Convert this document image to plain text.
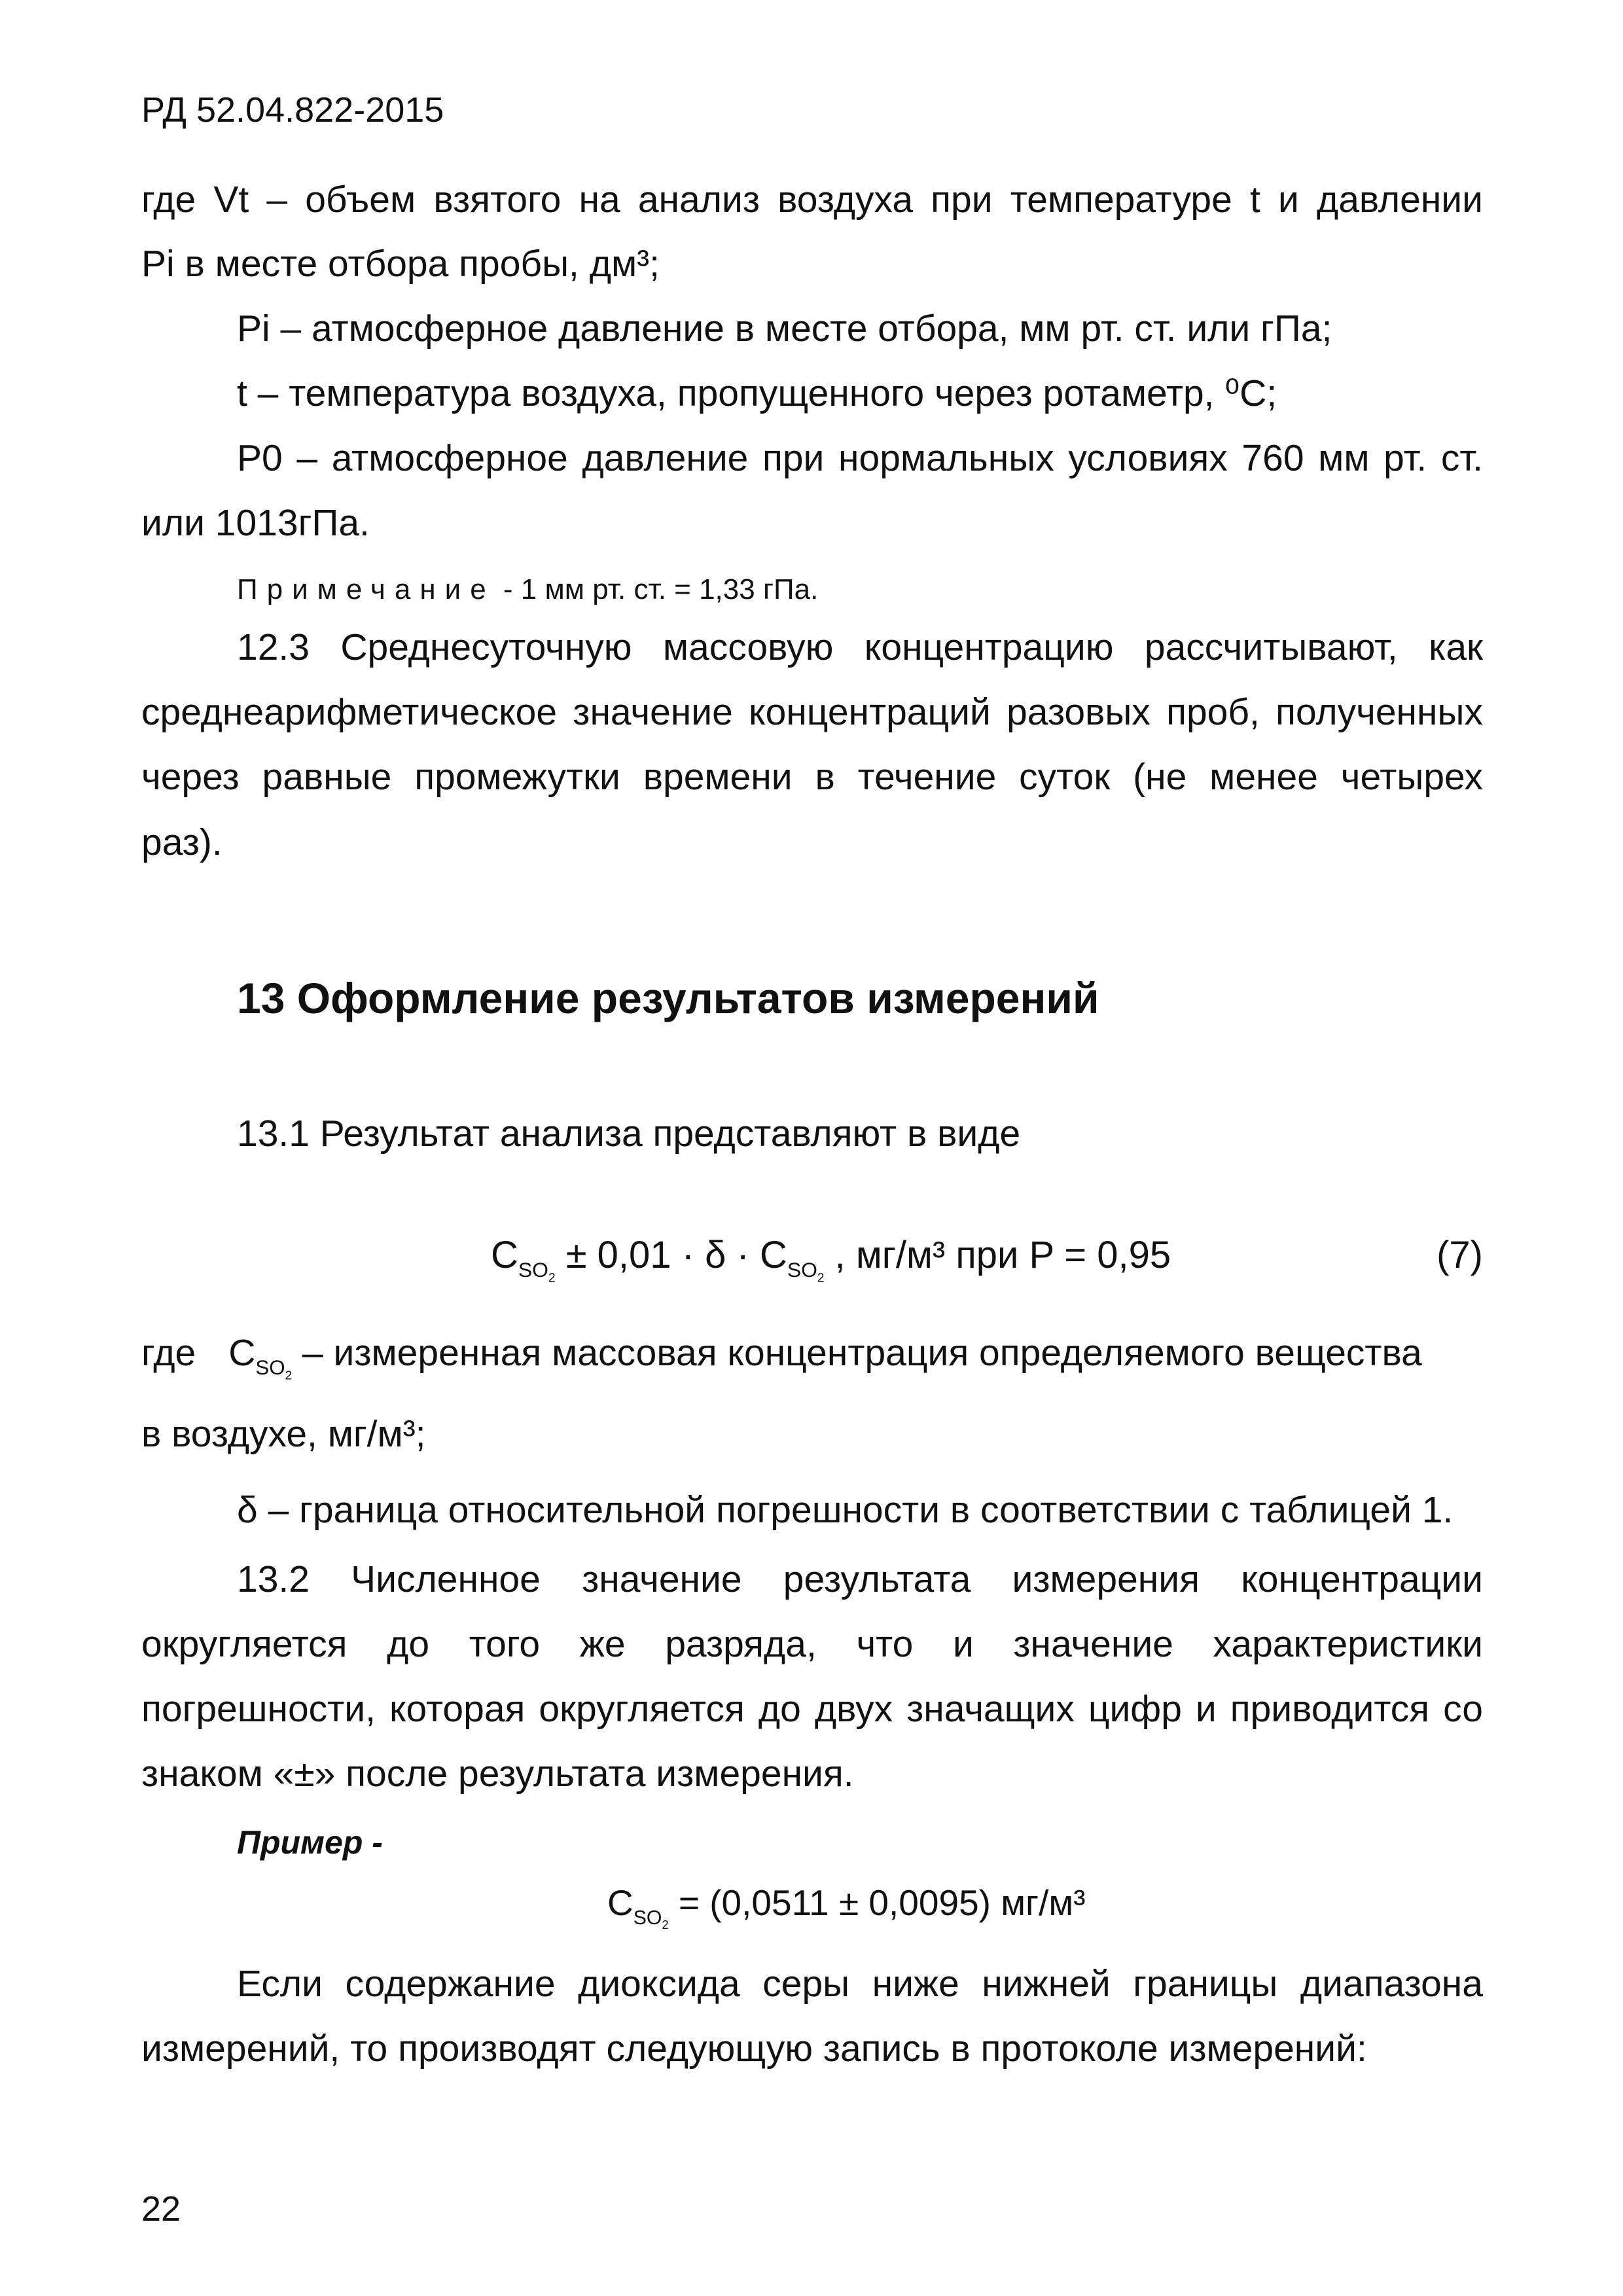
РД 52.04.822-2015
где Vt – объем взятого на анализ воздуха при температуре t и давлении
Pi в месте отбора пробы, дм³;
Pi – атмосферное давление в месте отбора, мм рт. ст. или гПа;
t – температура воздуха, пропущенного через ротаметр, ⁰С;
P0 – атмосферное давление при нормальных условиях 760 мм рт. ст.
или 1013гПа.
Примечание - 1 мм рт. ст. = 1,33 гПа.
12.3 Среднесуточную массовую концентрацию рассчитывают, как
среднеарифметическое значение концентраций разовых проб, полученных
через равные промежутки времени в течение суток (не менее четырех
раз).
13 Оформление результатов измерений
13.1 Результат анализа представляют в виде
$C_{SO_2} \pm 0,01 \cdot \delta \cdot C_{SO_2}$ , мг/м³ при P = 0,95	(7)
где $C_{SO_2}$ – измеренная массовая концентрация определяемого вещества
в воздухе, мг/м³;
δ – граница относительной погрешности в соответствии с таблицей 1.
13.2 Численное значение результата измерения концентрации
округляется до того же разряда, что и значение характеристики
погрешности, которая округляется до двух значащих цифр и приводится со
знаком «±» после результата измерения.
Пример -
$C_{SO_2} = (0,0511 \pm 0,0095)$ мг/м³
Если содержание диоксида серы ниже нижней границы диапазона
измерений, то производят следующую запись в протоколе измерений:
22
